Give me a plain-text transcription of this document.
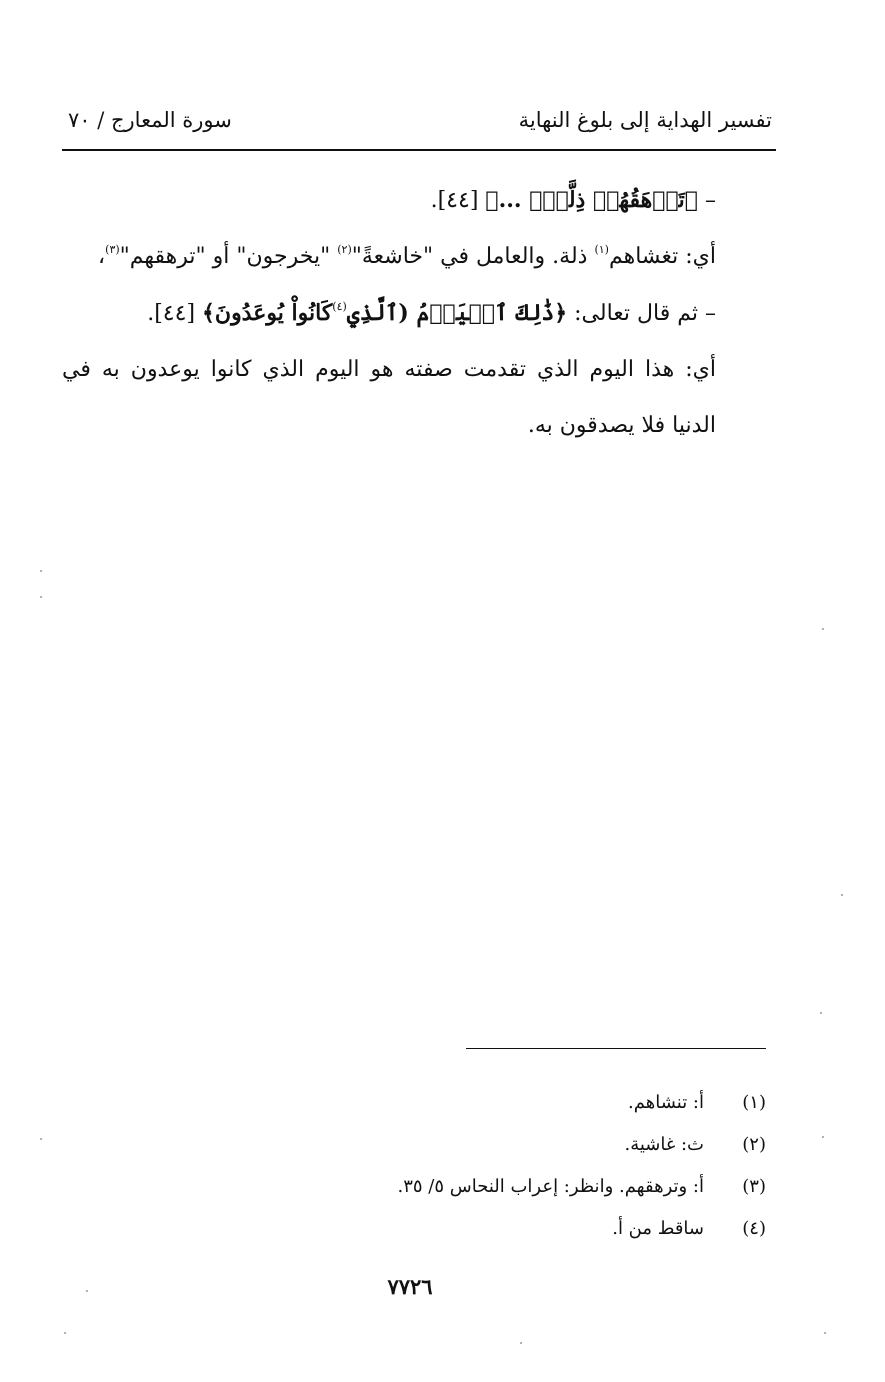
تفسير الهداية إلى بلوغ النهاية
سورة المعارج / ٧٠

– ﴿تَرۡهَقُهُمۡ ذِلَّةٞۚ ...﴾ [٤٤].

أي: تغشاهم$^{(١)}$ ذلة. والعامل في "خاشعةً"$^{(٢)}$ "يخرجون" أو "ترهقهم"$^{(٣)}$،

– ثم قال تعالى: ﴿ذَٰلِكَ ٱلۡيَوۡمُ (ٱلَّذِي$^{(٤)}$كَانُواْ يُوعَدُونَ﴾ [٤٤].

أي: هذا اليوم الذي تقدمت صفته هو اليوم الذي كانوا يوعدون به في الدنيا فلا يصدقون به.

(١)أ: تنشاهم.
(٢)ث: غاشية.
(٣)أ: وترهقهم. وانظر: إعراب النحاس ٥/ ٣٥.
(٤)ساقط من أ.
٧٧٢٦
